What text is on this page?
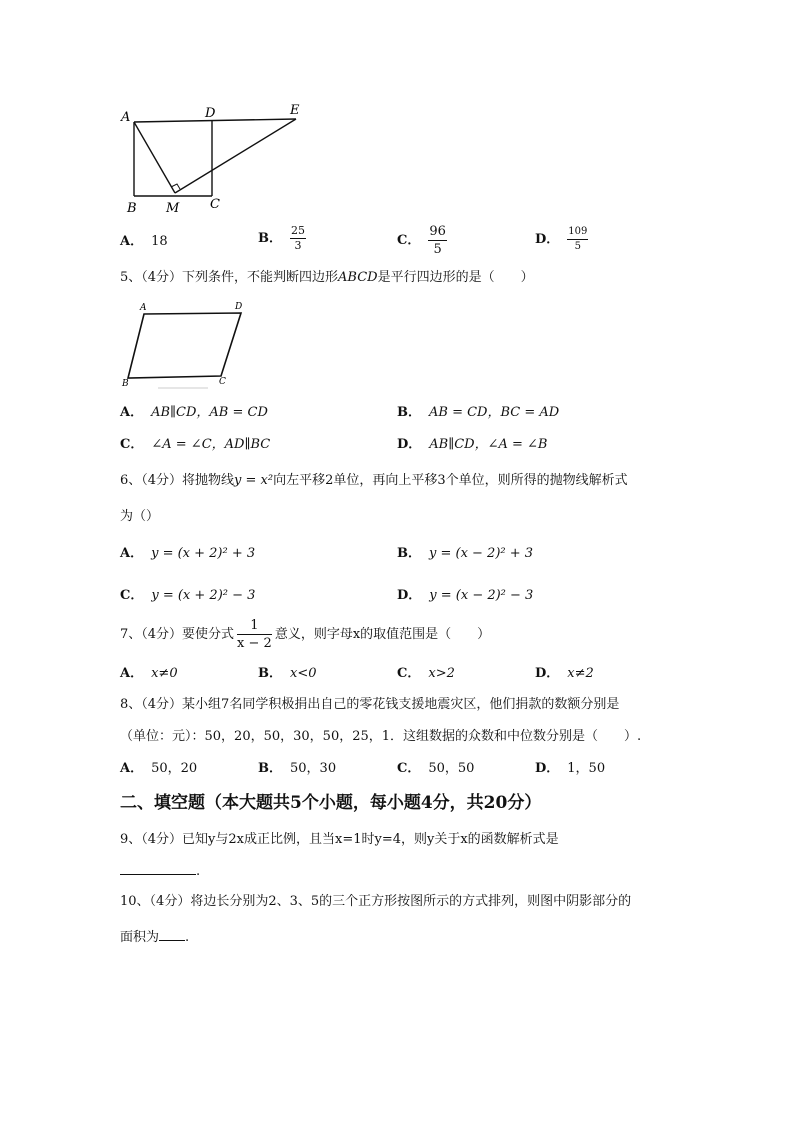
A	D	E
B M C
A． 18	B． $\frac{25}{3}$	C． $\frac{96}{5}$	D． $\frac{109}{5}$
5、（4分）下列条件，不能判断四边形ABCD是平行四边形的是（　　）
A	D
B	C
A． AB∥CD，AB = CD	B． AB = CD，BC = AD
C． ∠A = ∠C，AD∥BC	D． AB∥CD，∠A = ∠B
6、（4分）将抛物线y = x²向左平移2单位，再向上平移3个单位，则所得的抛物线解析式
为（）
A． y = (x + 2)² + 3	B． y = (x − 2)² + 3
C． y = (x + 2)² − 3	D． y = (x − 2)² − 3
7、（4分）要使分式 $\frac{1}{x - 2}$ 意义，则字母x的取值范围是（　　）
A． x≠0	B． x<0	C． x>2	D． x≠2
8、（4分）某小组7名同学积极捐出自己的零花钱支援地震灾区，他们捐款的数额分别是
（单位：元）：50，20，50，30，50，25，1．这组数据的众数和中位数分别是（　　）.
A． 50，20	B． 50，30	C． 50，50	D． 1，50
二、填空题（本大题共5个小题，每小题4分，共20分）
9、（4分）已知y与2x成正比例，且当x=1时y=4，则y关于x的函数解析式是
.
10、（4分）将边长分别为2、3、5的三个正方形按图所示的方式排列，则图中阴影部分的
面积为 .
